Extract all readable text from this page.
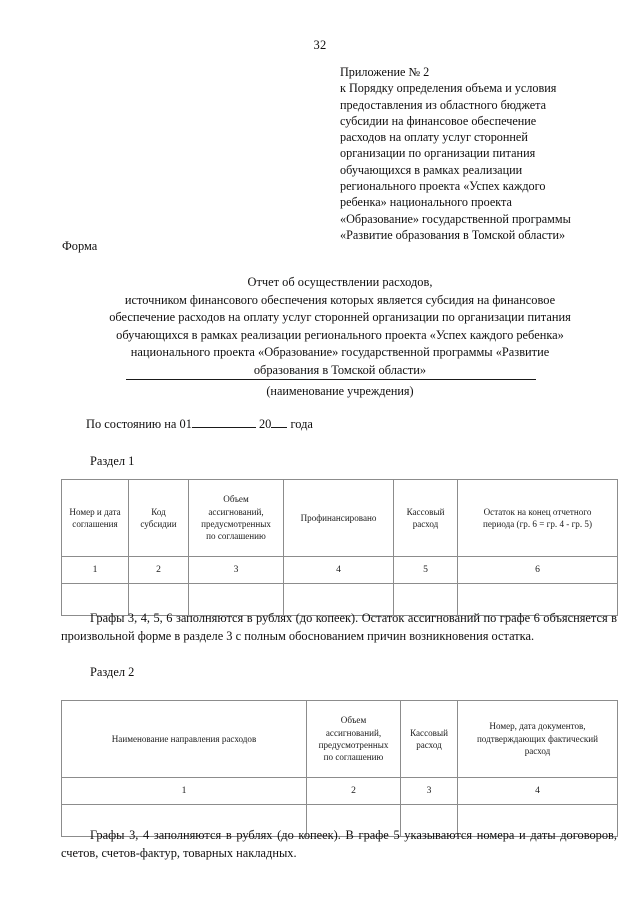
32
Приложение № 2
к Порядку определения объема и условия
предоставления из областного бюджета
субсидии на финансовое обеспечение
расходов на оплату услуг сторонней
организации по организации питания
обучающихся в рамках реализации
регионального проекта «Успех каждого
ребенка» национального проекта
«Образование» государственной программы
«Развитие образования в Томской области»
Форма
Отчет об осуществлении расходов,
источником финансового обеспечения которых является субсидия на финансовое
обеспечение расходов на оплату услуг сторонней организации по организации питания
обучающихся в рамках реализации регионального проекта «Успех каждого ребенка»
национального проекта «Образование» государственной программы «Развитие
образования в Томской области»
(наименование учреждения)
По состоянию на 01	20 года
Раздел 1
Номер и дата
соглашения	Код
субсидии	Объем
ассигнований,
предусмотренных
по соглашению	Профинансировано	Кассовый
расход	Остаток на конец отчетного
периода (гр. 6 = гр. 4 - гр. 5)
1	2	3	4	5	6

Графы 3, 4, 5, 6 заполняются в рублях (до копеек). Остаток ассигнований по графе 6 объясняется в произвольной форме в разделе 3 с полным обоснованием причин возникновения остатка.
Раздел 2
Наименование направления расходов	Объем
ассигнований,
предусмотренных
по соглашению	Кассовый
расход	Номер, дата документов,
подтверждающих фактический
расход
1	2	3	4

Графы 3, 4 заполняются в рублях (до копеек). В графе 5 указываются номера и даты договоров, счетов, счетов-фактур, товарных накладных.
